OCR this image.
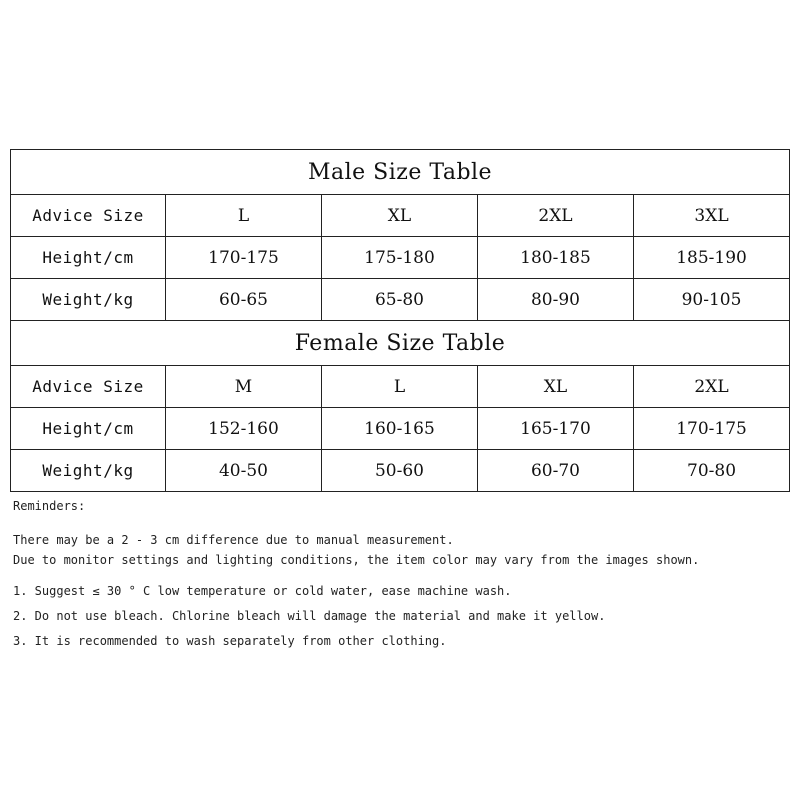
Male Size Table				
Advice Size	L	XL	2XL	3XL
Height/cm	170-175	175-180	180-185	185-190
Weight/kg	60-65	65-80	80-90	90-105
Female Size Table				
Advice Size	M	L	XL	2XL
Height/cm	152-160	160-165	165-170	170-175
Weight/kg	40-50	50-60	60-70	70-80

Reminders:

There may be a 2 - 3 cm difference due to manual measurement.

Due to monitor settings and lighting conditions, the item color may vary from the images shown.

1. Suggest ≤ 30 ° C low temperature or cold water, ease machine wash.

2. Do not use bleach. Chlorine bleach will damage the material and make it yellow.

3. It is recommended to wash separately from other clothing.
